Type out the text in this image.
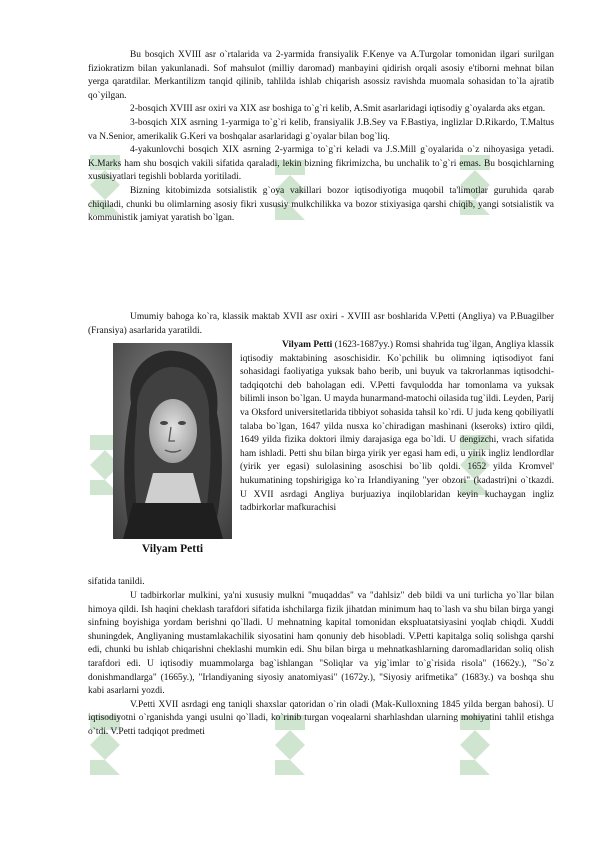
Bu bosqich XVIII asr o`rtalarida va 2-yarmida fransiyalik F.Kenye va A.Turgolar tomonidan ilgari surilgan fiziokratizm bilan yakunlanadi. Sof mahsulot (milliy daromad) manbayini qidirish orqali asosiy e'tiborni mehnat bilan yerga qaratdilar. Merkantilizm tanqid qilinib, tahlilda ishlab chiqarish asossiz ravishda muomala sohasidan to`la ajratib qo`yilgan.

2-bosqich XVIII asr oxiri va XIX asr boshiga to`g`ri kelib, A.Smit asarlaridagi iqtisodiy g`oyalarda aks etgan.

3-bosqich XIX asrning 1-yarmiga to`g`ri kelib, fransiyalik J.B.Sey va F.Bastiya, inglizlar D.Rikardo, T.Maltus va N.Senior, amerikalik G.Keri va boshqalar asarlaridagi g`oyalar bilan bog`liq.

4-yakunlovchi bosqich XIX asrning 2-yarmiga to`g`ri keladi va J.S.Mill g`oyalarida o`z nihoyasiga yetadi. K.Marks ham shu bosqich vakili sifatida qaraladi, lekin bizning fikrimizcha, bu unchalik to`g`ri emas. Bu bosqichlarning xususiyatlari tegishli boblarda yoritiladi.

Bizning kitobimizda sotsialistik g`oya vakillari bozor iqtisodiyotiga muqobil ta'limotlar guruhida qarab chiqiladi, chunki bu olimlarning asosiy fikri xususiy mulkchilikka va bozor stixiyasiga qarshi chiqib, yangi sotsialistik va kommunistik jamiyat yaratish bo`lgan.

Umumiy bahoga ko`ra, klassik maktab XVII asr oxiri - XVIII asr boshlarida V.Petti (Angliya) va P.Buagilber (Fransiya) asarlarida yaratildi.

Vilyam Petti

Vilyam Petti (1623-1687yy.) Romsi shahrida tug`ilgan, Angliya klassik iqtisodiy maktabining asoschisidir. Ko`pchilik bu olimning iqtisodiyot fani sohasidagi faoliyatiga yuksak baho berib, uni buyuk va takrorlanmas iqtisodchi-tadqiqotchi deb baholagan edi. V.Petti favqulodda har tomonlama va yuksak bilimli inson bo`lgan. U mayda hunarmand-matochi oilasida tug`ildi. Leyden, Parij va Oksford universitetlarida tibbiyot sohasida tahsil ko`rdi. U juda keng qobiliyatli talaba bo`lgan, 1647 yilda nusxa ko`chiradigan mashinani (kseroks) ixtiro qildi, 1649 yilda fizika doktori ilmiy darajasiga ega bo`ldi. U dengizchi, vrach sifatida ham ishladi. Petti shu bilan birga yirik yer egasi ham edi, u yirik ingliz lendlordlar (yirik yer egasi) sulolasining asoschisi bo`lib qoldi. 1652 yilda Kromvel' hukumatining topshirigiga ko`ra Irlandiyaning "yer obzori" (kadastri)ni o`tkazdi. U XVII asrdagi Angliya burjuaziya inqiloblaridan keyin kuchaygan ingliz tadbirkorlar mafkurachisi

sifatida tanildi.

U tadbirkorlar mulkini, ya'ni xususiy mulkni "muqaddas" va "dahlsiz" deb bildi va uni turlicha yo`llar bilan himoya qildi. Ish haqini cheklash tarafdori sifatida ishchilarga fizik jihatdan minimum haq to`lash va shu bilan birga yangi sinfning boyishiga yordam berishni qo`lladi. U mehnatning kapital tomonidan ekspluatatsiyasini yoqlab chiqdi. Xuddi shuningdek, Angliyaning mustamlakachilik siyosatini ham qonuniy deb hisobladi. V.Petti kapitalga soliq solishga qarshi edi, chunki bu ishlab chiqarishni cheklashi mumkin edi. Shu bilan birga u mehnatkashlarning daromadlaridan soliq olish tarafdori edi. U iqtisodiy muammolarga bag`ishlangan "Soliqlar va yig`imlar to`g`risida risola" (1662y.), "So`z donishmandlarga" (1665y.), "Irlandiyaning siyosiy anatomiyasi" (1672y.), "Siyosiy arifmetika" (1683y.) va boshqa shu kabi asarlarni yozdi.

V.Petti XVII asrdagi eng taniqli shaxslar qatoridan o`rin oladi (Mak-Kulloxning 1845 yilda bergan bahosi). U iqtisodiyotni o`rganishda yangi usulni qo`lladi, ko`rinib turgan voqealarni sharhlashdan ularning mohiyatini tahlil etishga o`tdi. V.Petti tadqiqot predmeti
